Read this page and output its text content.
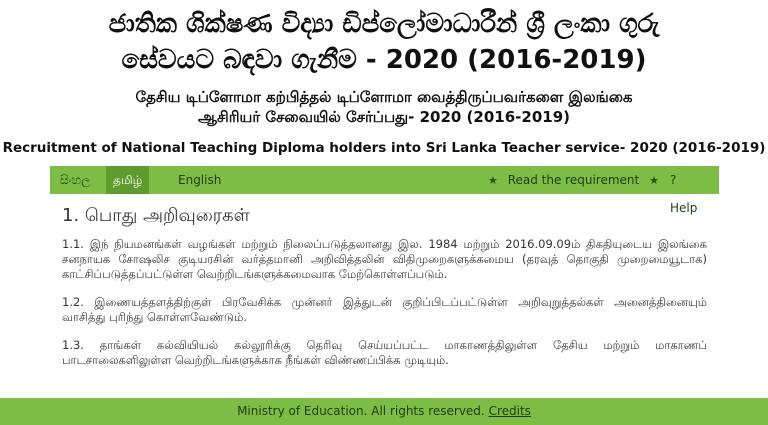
ජාතික ශික්ෂණ විද්‍යා ඩිප්ලෝමාධාරීන් ශ්‍රී ලංකා ගුරු
සේවයට බඳවා ගැනීම - 2020 (2016-2019)
தேசிய டிப்ளோமா கற்பித்தல் டிப்ளோமா வைத்திருப்பவர்களை இலங்கை
ஆசிரியர் சேவையில் சேர்ப்பது- 2020 (2016-2019)
Recruitment of National Teaching Diploma holders into Sri Lanka Teacher service- 2020 (2016-2019)
සිංහල	தமிழ்	English	★ Read the requirement ★ ? Help
1. பொது அறிவுரைகள்

1.1. இந் நியமனங்கள் வழங்கள் மற்றும் நிலைப்படுத்தலானது இல. 1984 மற்றும் 2016.09.09ம் திகதியுடைய இலங்கை சனநாயக சோஷலிச குடியரசின் வர்த்தமானி அறிவித்தலின் விதிமுறைகளுக்கமைய (தரவுத் தொகுதி முறைமையூடாக) காட்சிப்படுத்தப்பட்டுள்ள வெற்றிடங்களுக்கமைவாக மேற்கொள்ளப்படும்.

1.2. இணையத்தளத்திற்குள் பிரவேசிக்க முன்னர் இத்துடன் குறிப்பிடப்பட்டுள்ள அறிவுறுத்தல்கள் அனைத்தினையும் வாசித்து புரிந்து கொள்ளவேண்டும்.

1.3. தாங்கள் கல்வியியல் கல்லூரிக்கு தெரிவு செய்யப்பட்ட மாகாணத்திலுள்ள தேசிய மற்றும் மாகாணப் பாடசாலைகளிலுள்ள வெற்றிடங்களுக்காக நீங்கள் விண்ணப்பிக்க முடியும்.

Ministry of Education. All rights reserved. Credits
